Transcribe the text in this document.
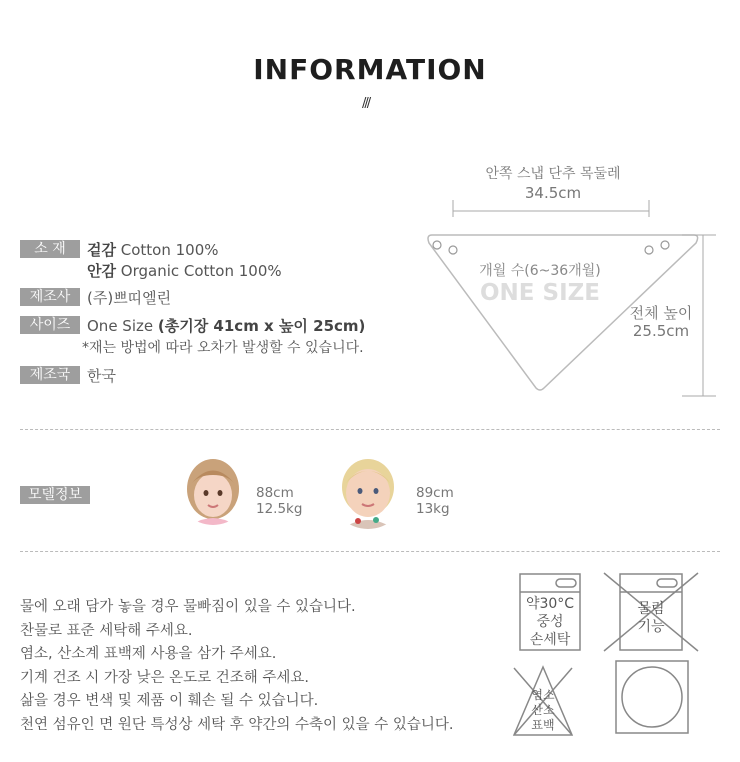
INFORMATION
///
소 재	겉감 Cotton 100%
안감 Organic Cotton 100%
제조사	(주)쁘띠엘린
사이즈	One Size (총기장 41cm x 높이 25cm)
*재는 방법에 따라 오차가 발생할 수 있습니다.
제조국	한국
안쪽 스냅 단추 목둘레
34.5cm
개월 수(6~36개월)
ONE SIZE
전체 높이
25.5cm
모델정보	88cm
12.5kg
89cm
13kg
물에 오래 담가 놓을 경우 물빠짐이 있을 수 있습니다.
찬물로 표준 세탁해 주세요.
염소, 산소계 표백제 사용을 삼가 주세요.
기계 건조 시 가장 낮은 온도로 건조해 주세요.
삶을 경우 변색 및 제품 이 훼손 될 수 있습니다.
천연 섬유인 면 원단 특성상 세탁 후 약간의 수축이 있을 수 있습니다.
약30°C
중성
손세탁
물림
기능
염소
산소
표백
